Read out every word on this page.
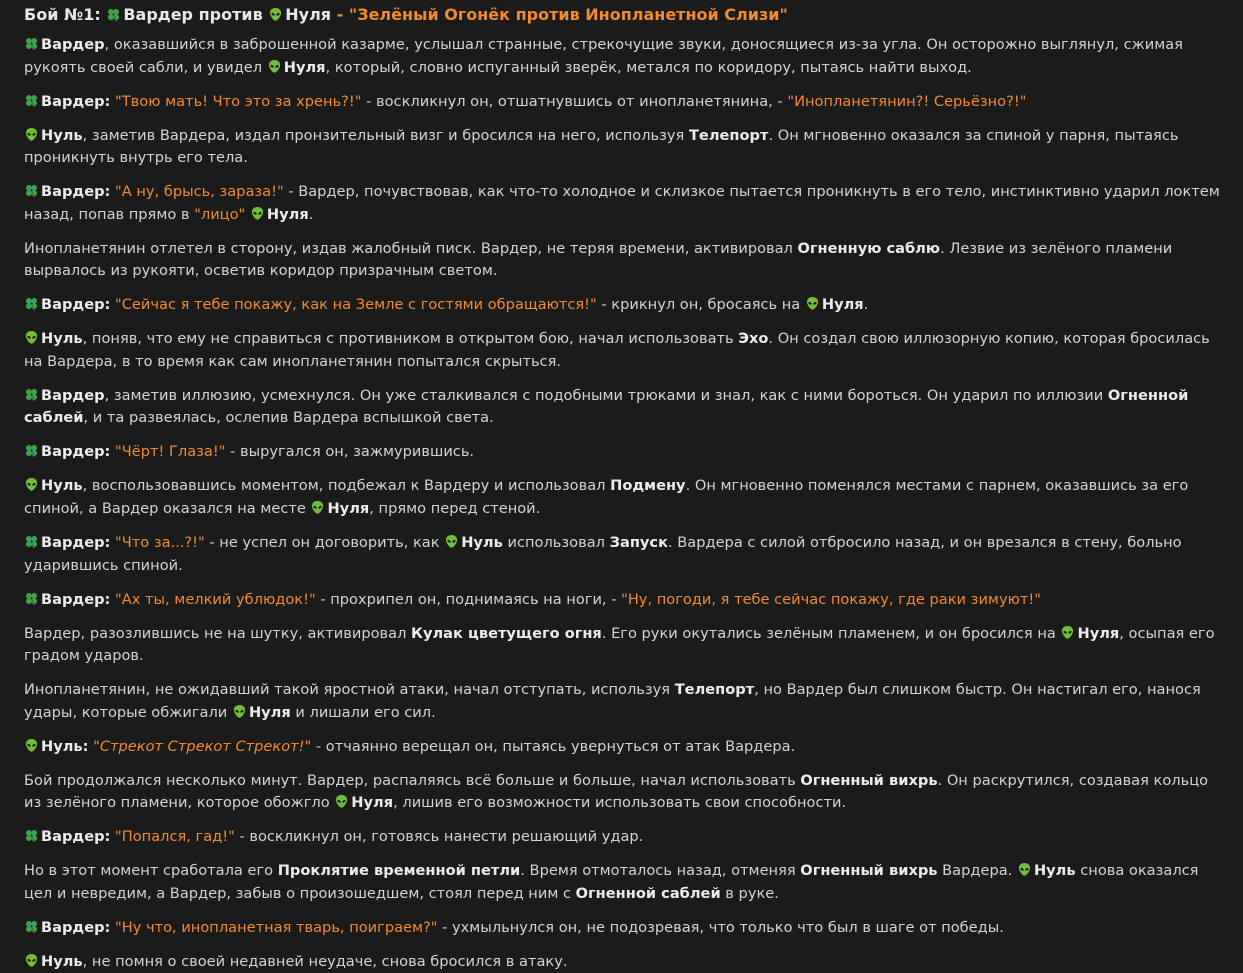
Бой №1: Вардер против Нуля - "Зелёный Огонёк против Инопланетной Слизи"

Вардер, оказавшийся в заброшенной казарме, услышал странные, стрекочущие звуки, доносящиеся из-за угла. Он осторожно выглянул, сжимая рукоять своей сабли, и увидел Нуля, который, словно испуганный зверёк, метался по коридору, пытаясь найти выход.

Вардер: "Твою мать! Что это за хрень?!" - воскликнул он, отшатнувшись от инопланетянина, - "Инопланетянин?! Серьёзно?!"

Нуль, заметив Вардера, издал пронзительный визг и бросился на него, используя Телепорт. Он мгновенно оказался за спиной у парня, пытаясь проникнуть внутрь его тела.

Вардер: "А ну, брысь, зараза!" - Вардер, почувствовав, как что-то холодное и склизкое пытается проникнуть в его тело, инстинктивно ударил локтем назад, попав прямо в "лицо" Нуля.

Инопланетянин отлетел в сторону, издав жалобный писк. Вардер, не теряя времени, активировал Огненную саблю. Лезвие из зелёного пламени вырвалось из рукояти, осветив коридор призрачным светом.

Вардер: "Сейчас я тебе покажу, как на Земле с гостями обращаются!" - крикнул он, бросаясь на Нуля.

Нуль, поняв, что ему не справиться с противником в открытом бою, начал использовать Эхо. Он создал свою иллюзорную копию, которая бросилась на Вардера, в то время как сам инопланетянин попытался скрыться.

Вардер, заметив иллюзию, усмехнулся. Он уже сталкивался с подобными трюками и знал, как с ними бороться. Он ударил по иллюзии Огненной саблей, и та развеялась, ослепив Вардера вспышкой света.

Вардер: "Чёрт! Глаза!" - выругался он, зажмурившись.

Нуль, воспользовавшись моментом, подбежал к Вардеру и использовал Подмену. Он мгновенно поменялся местами с парнем, оказавшись за его спиной, а Вардер оказался на месте Нуля, прямо перед стеной.

Вардер: "Что за...?!" - не успел он договорить, как Нуль использовал Запуск. Вардера с силой отбросило назад, и он врезался в стену, больно ударившись спиной.

Вардер: "Ах ты, мелкий ублюдок!" - прохрипел он, поднимаясь на ноги, - "Ну, погоди, я тебе сейчас покажу, где раки зимуют!"

Вардер, разозлившись не на шутку, активировал Кулак цветущего огня. Его руки окутались зелёным пламенем, и он бросился на Нуля, осыпая его градом ударов.

Инопланетянин, не ожидавший такой яростной атаки, начал отступать, используя Телепорт, но Вардер был слишком быстр. Он настигал его, нанося удары, которые обжигали Нуля и лишали его сил.

Нуль: "Стрекот Стрекот Стрекот!" - отчаянно верещал он, пытаясь увернуться от атак Вардера.

Бой продолжался несколько минут. Вардер, распаляясь всё больше и больше, начал использовать Огненный вихрь. Он раскрутился, создавая кольцо из зелёного пламени, которое обожгло Нуля, лишив его возможности использовать свои способности.

Вардер: "Попался, гад!" - воскликнул он, готовясь нанести решающий удар.

Но в этот момент сработала его Проклятие временной петли. Время отмоталось назад, отменяя Огненный вихрь Вардера. Нуль снова оказался цел и невредим, а Вардер, забыв о произошедшем, стоял перед ним с Огненной саблей в руке.

Вардер: "Ну что, инопланетная тварь, поиграем?" - ухмыльнулся он, не подозревая, что только что был в шаге от победы.

Нуль, не помня о своей недавней неудаче, снова бросился в атаку.
